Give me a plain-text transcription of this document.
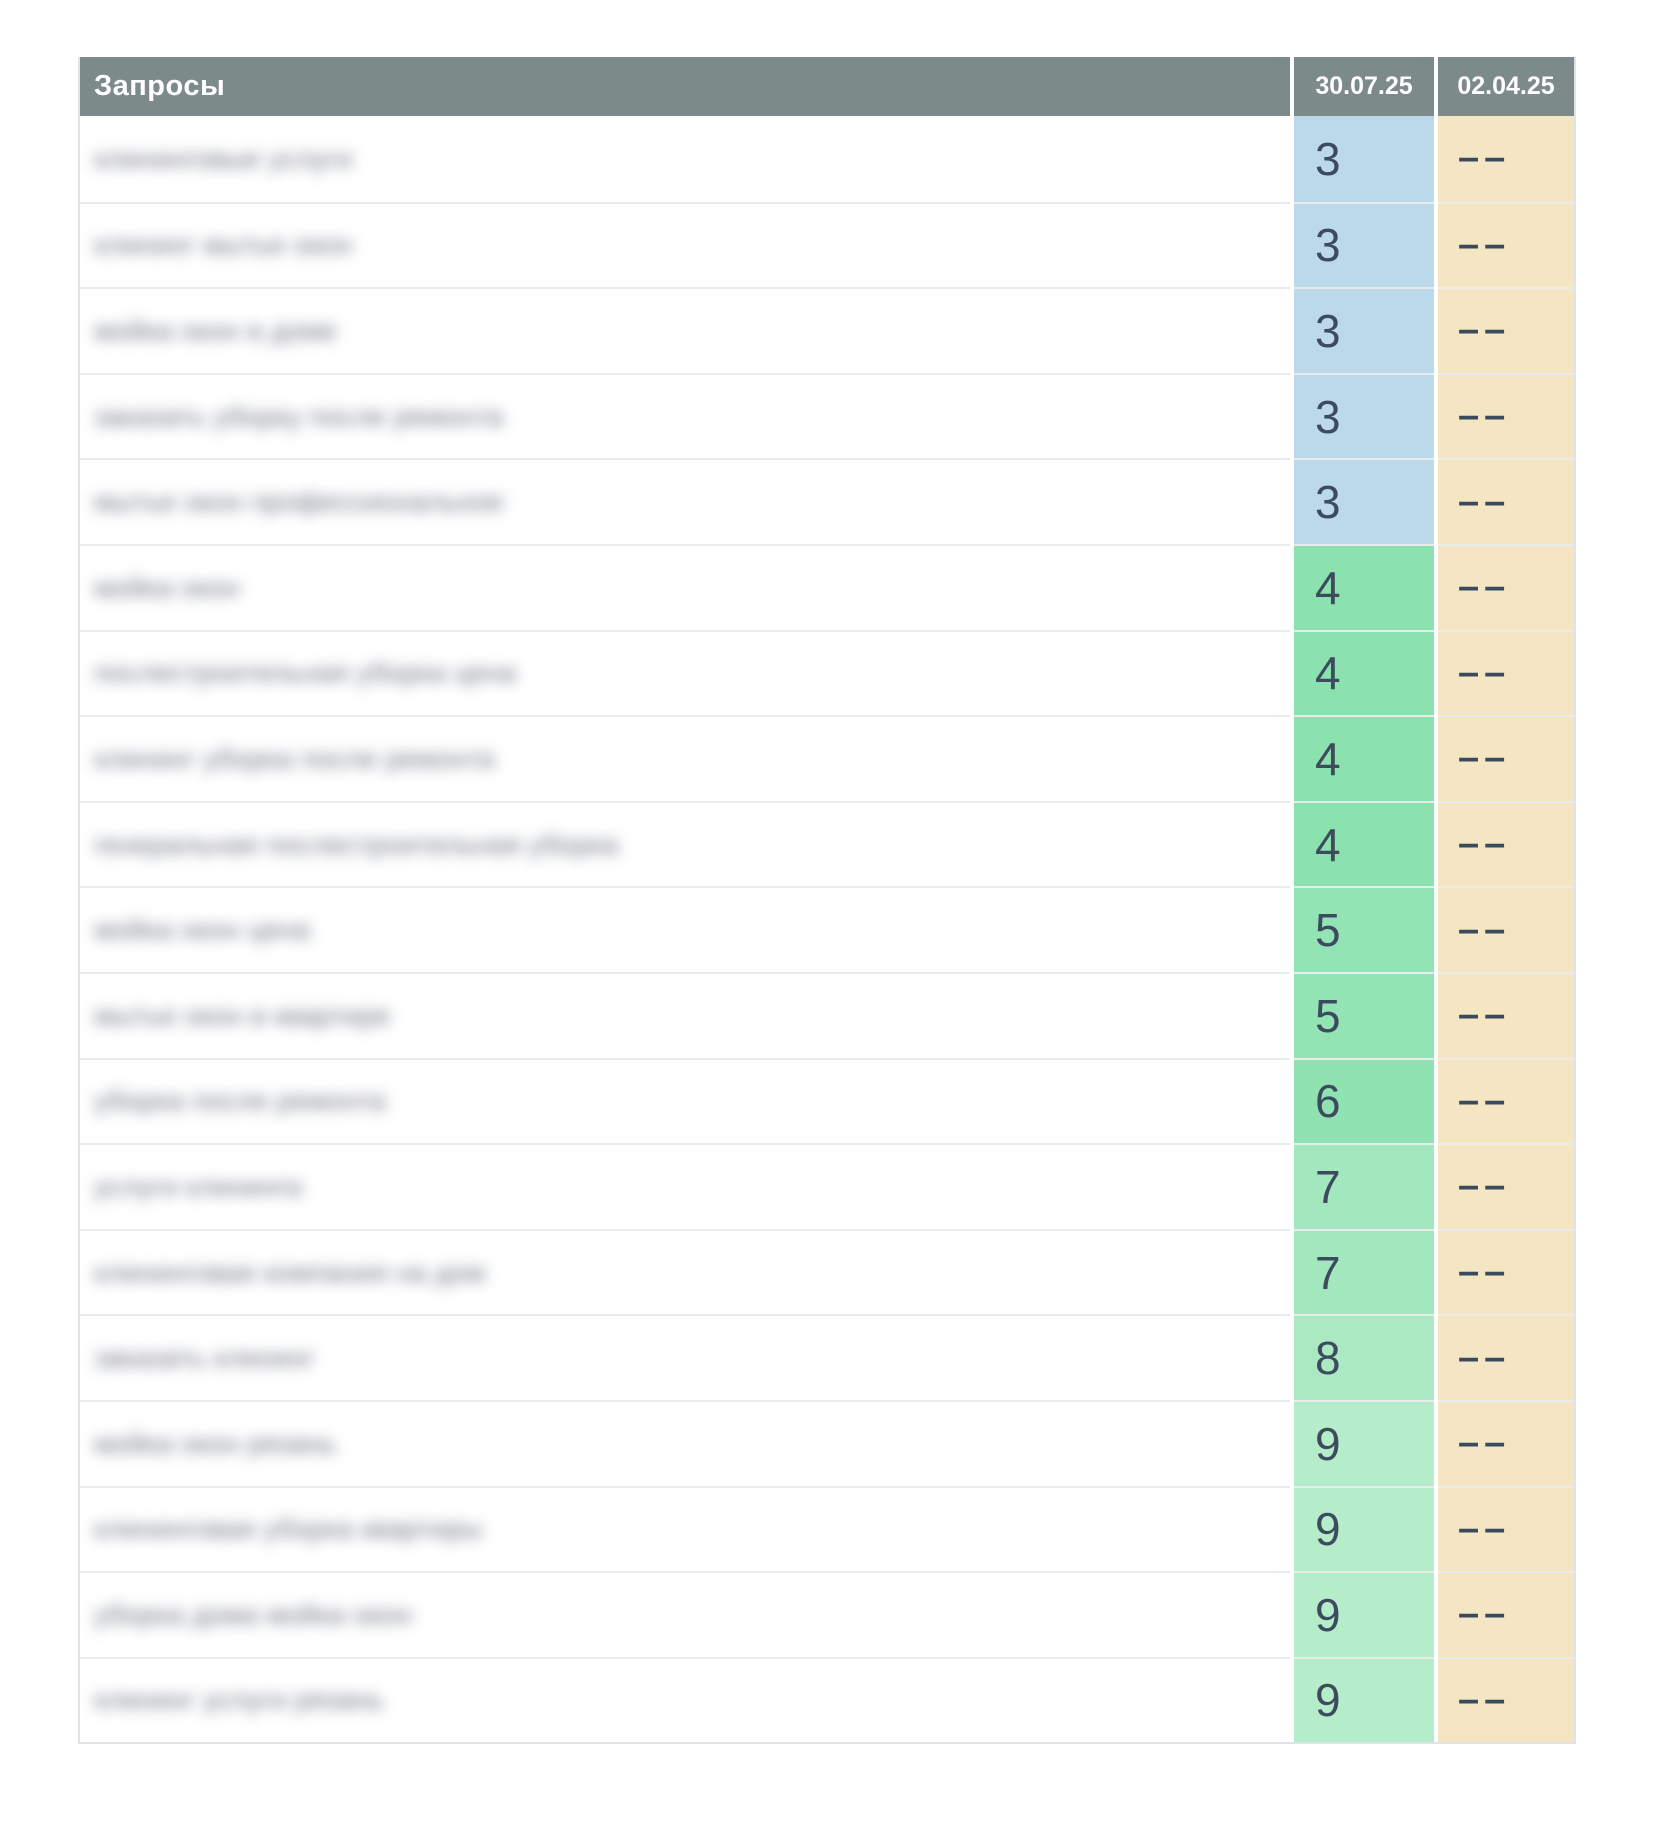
Запросы	30.07.25	02.04.25
клининговые услуги	3	––
клининг мытье окон	3	––
мойка окон в доме	3	––
заказать уборку после ремонта	3	––
мытье окон профессиональное	3	––
мойка окон	4	––
послестроительная уборка цена	4	––
клининг уборка после ремонта	4	––
генеральная послестроительная уборка	4	––
мойка окон цена	5	––
мытье окон в квартире	5	––
уборка после ремонта	6	––
услуги клининга	7	––
клининговая компания на дом	7	––
заказать клининг	8	––
мойка окон рязань	9	––
клининговая уборка квартиры	9	––
уборка дома мойка окон	9	––
клининг услуги рязань	9	––
